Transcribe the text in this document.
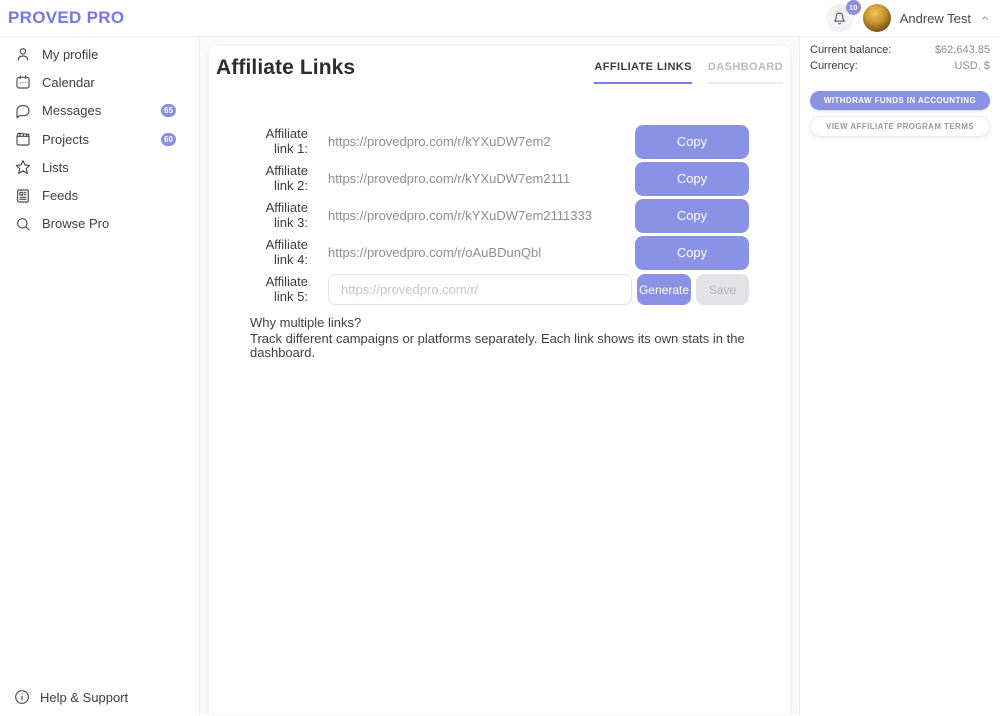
PROVED PRO
10
Andrew Test
My profile
Calendar
Messages	65
Projects	60
Lists
Feeds
Browse Pro
Help & Support
Affiliate Links	AFFILIATE LINKS DASHBOARD
Affiliate link 1: https://provedpro.com/r/kYXuDW7em2	Copy
Affiliate link 2: https://provedpro.com/r/kYXuDW7em2111	Copy
Affiliate link 3: https://provedpro.com/r/kYXuDW7em2111333	Copy
Affiliate link 4: https://provedpro.com/r/oAuBDunQbl	Copy
Affiliate link 5:
https://provedpro.com/r/	Generate	Save
Why multiple links?
Track different campaigns or platforms separately. Each link shows its own stats in the dashboard.
Current balance:	$62,643.85
Currency:	USD, $
WITHDRAW FUNDS IN ACCOUNTING
VIEW AFFILIATE PROGRAM TERMS
